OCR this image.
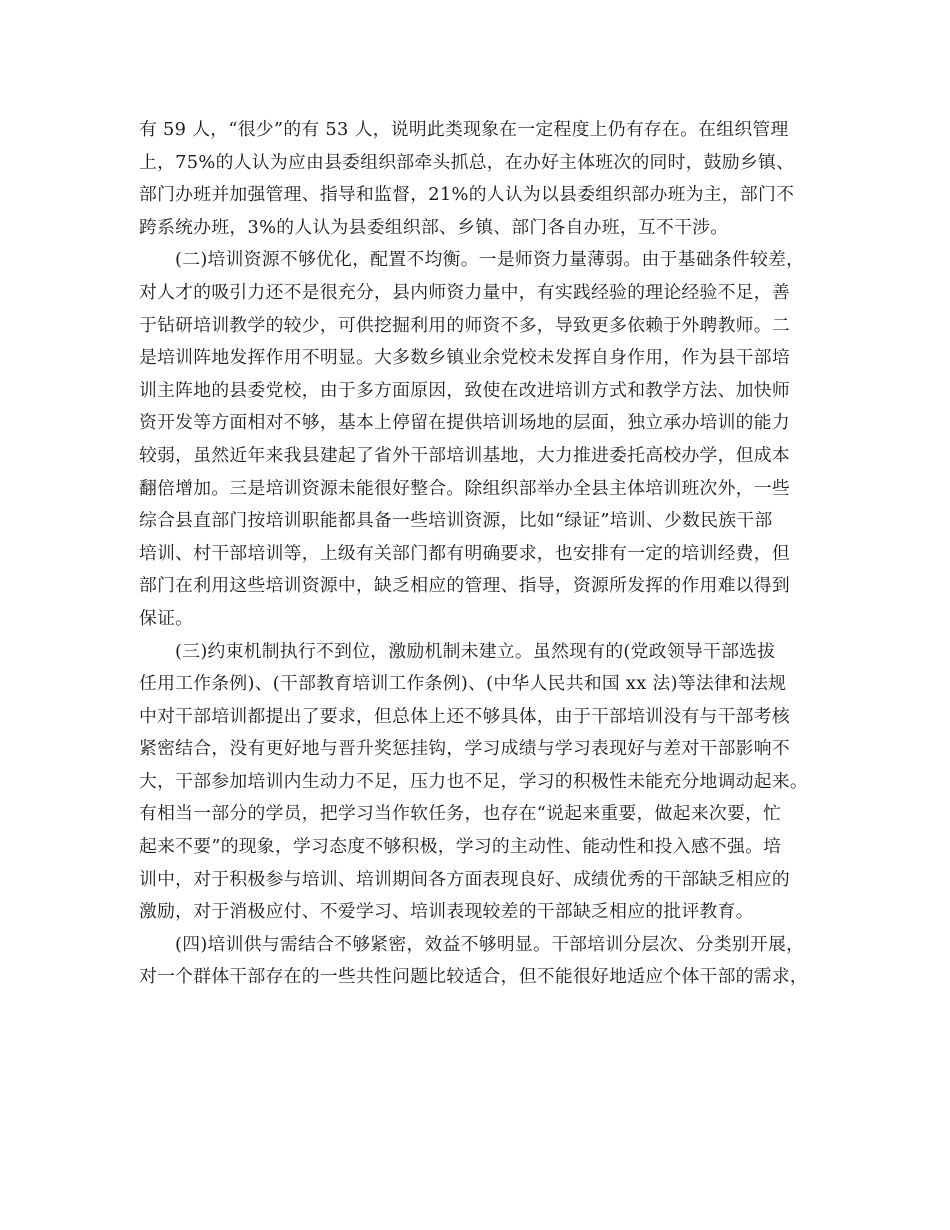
有 59 人，“很少”的有 53 人，说明此类现象在一定程度上仍有存在。在组织管理
上，75%的人认为应由县委组织部牵头抓总，在办好主体班次的同时，鼓励乡镇、
部门办班并加强管理、指导和监督，21%的人认为以县委组织部办班为主，部门不
跨系统办班，3%的人认为县委组织部、乡镇、部门各自办班，互不干涉。
(二)培训资源不够优化，配置不均衡。一是师资力量薄弱。由于基础条件较差，
对人才的吸引力还不是很充分，县内师资力量中，有实践经验的理论经验不足，善
于钻研培训教学的较少，可供挖掘利用的师资不多，导致更多依赖于外聘教师。二
是培训阵地发挥作用不明显。大多数乡镇业余党校未发挥自身作用，作为县干部培
训主阵地的县委党校，由于多方面原因，致使在改进培训方式和教学方法、加快师
资开发等方面相对不够，基本上停留在提供培训场地的层面，独立承办培训的能力
较弱，虽然近年来我县建起了省外干部培训基地，大力推进委托高校办学，但成本
翻倍增加。三是培训资源未能很好整合。除组织部举办全县主体培训班次外，一些
综合县直部门按培训职能都具备一些培训资源，比如“绿证”培训、少数民族干部
培训、村干部培训等，上级有关部门都有明确要求，也安排有一定的培训经费，但
部门在利用这些培训资源中，缺乏相应的管理、指导，资源所发挥的作用难以得到
保证。
(三)约束机制执行不到位，激励机制未建立。虽然现有的(党政领导干部选拔
任用工作条例)、(干部教育培训工作条例)、(中华人民共和国 xx 法)等法律和法规
中对干部培训都提出了要求，但总体上还不够具体，由于干部培训没有与干部考核
紧密结合，没有更好地与晋升奖惩挂钩，学习成绩与学习表现好与差对干部影响不
大，干部参加培训内生动力不足，压力也不足，学习的积极性未能充分地调动起来。
有相当一部分的学员，把学习当作软任务，也存在“说起来重要，做起来次要，忙
起来不要”的现象，学习态度不够积极，学习的主动性、能动性和投入感不强。培
训中，对于积极参与培训、培训期间各方面表现良好、成绩优秀的干部缺乏相应的
激励，对于消极应付、不爱学习、培训表现较差的干部缺乏相应的批评教育。
(四)培训供与需结合不够紧密，效益不够明显。干部培训分层次、分类别开展，
对一个群体干部存在的一些共性问题比较适合，但不能很好地适应个体干部的需求，
